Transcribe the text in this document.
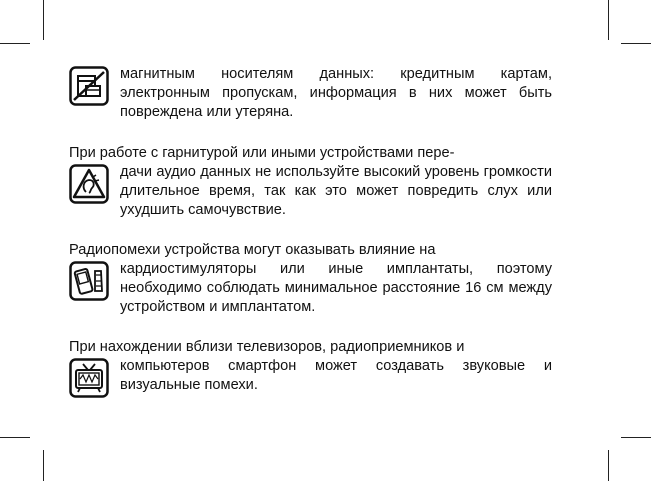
магнитным носителям данных: кредитным картам, электронным пропускам, информация в них может быть повреждена или утеряна.
При работе с гарнитурой или иными устройствами пере-
дачи аудио данных не используйте высокий уровень громкости длительное время, так как это может повредить слух или ухудшить самочувствие.
Радиопомехи устройства могут оказывать влияние на
кардиостимуляторы или иные имплантаты, поэтому необходимо соблюдать минимальное расстояние 16 см между устройством и имплантатом.
При нахождении вблизи телевизоров, радиоприемников и
компьютеров смартфон может создавать звуковые и визуальные помехи.
